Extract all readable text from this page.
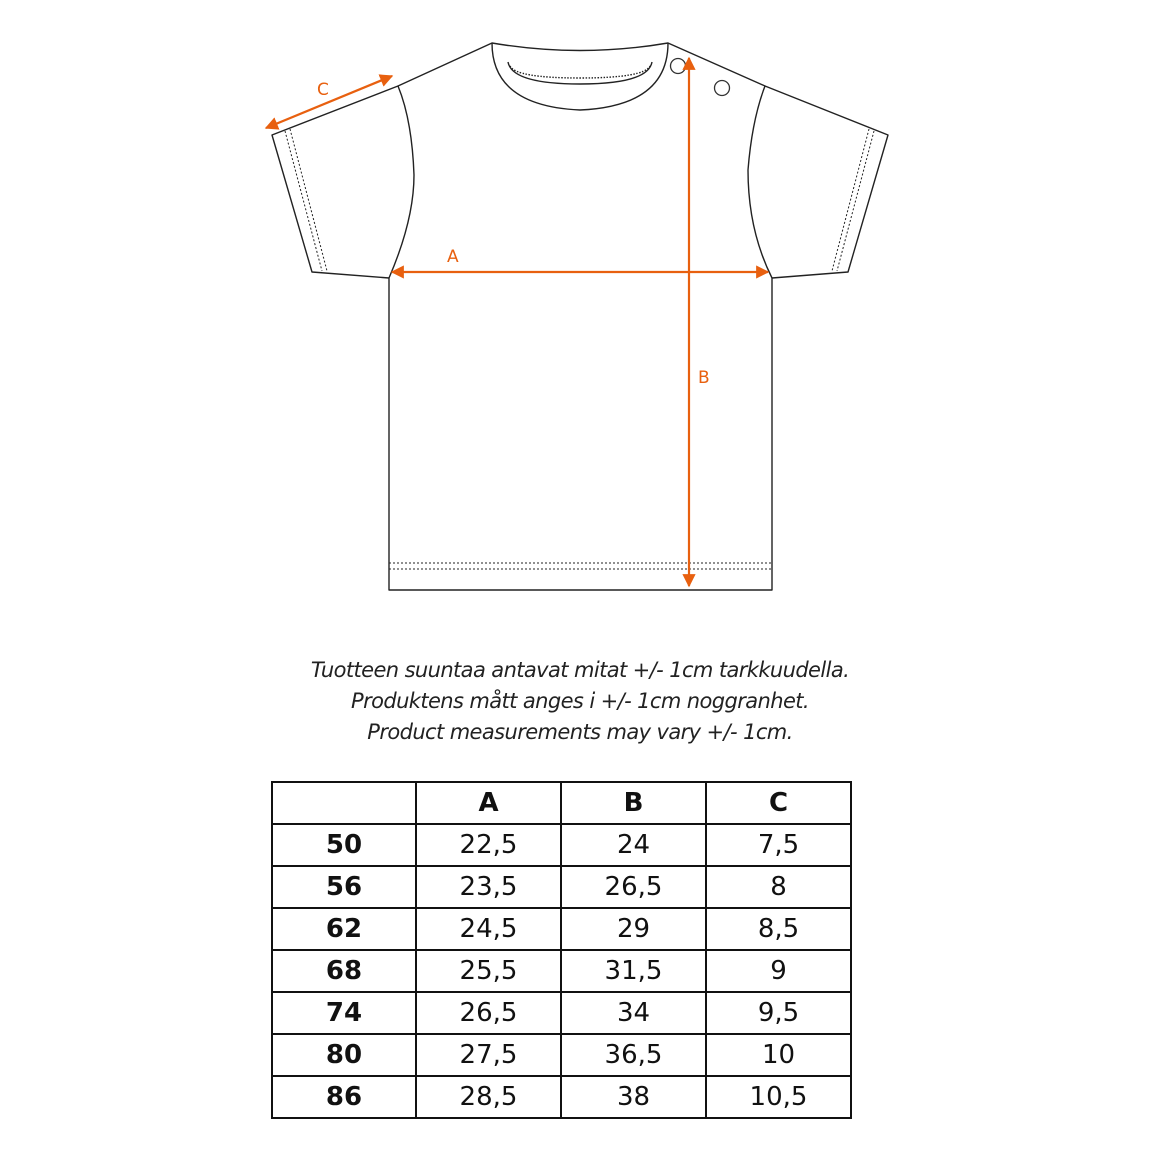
A
B
C
Tuotteen suuntaa antavat mitat +/- 1cm tarkkuudella.
Produktens mått anges i +/- 1cm noggranhet.
Product measurements may vary +/- 1cm.
	A	B	C
50	22,5	24	7,5
56	23,5	26,5	8
62	24,5	29	8,5
68	25,5	31,5	9
74	26,5	34	9,5
80	27,5	36,5	10
86	28,5	38	10,5
